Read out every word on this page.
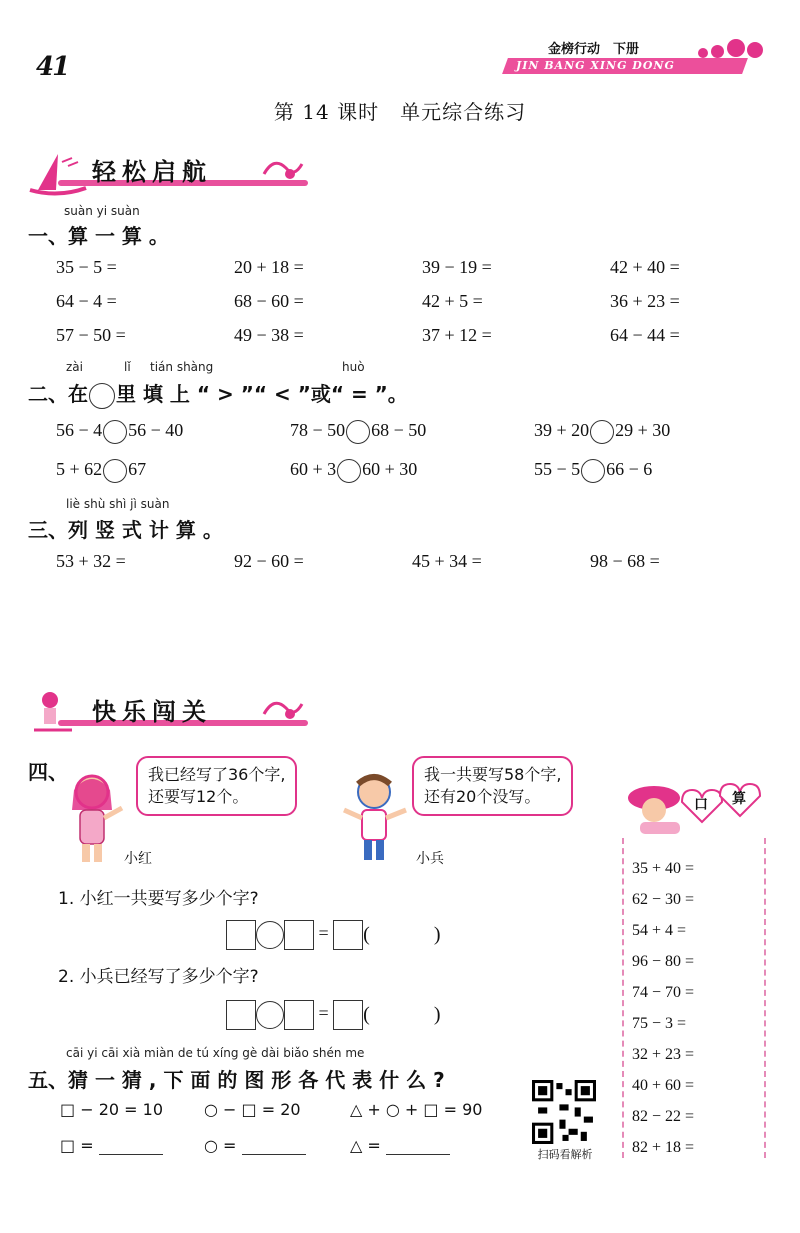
41
金榜行动　下册
JIN BANG XING DONG
第 14 课时　单元综合练习
轻松启航
suàn yi suàn
一、算 一 算 。
35 − 5 =	20 + 18 =	39 − 19 =	42 + 40 =
64 − 4 =	68 − 60 =	42 + 5 =	36 + 23 =
57 − 50 =	49 − 38 =	37 + 12 =	64 − 44 =
zài	lǐ tián shàng	huò
二、在 里 填 上 “ > ”“ < ”或“ = ”。
56 − 4 56 − 40	78 − 50 68 − 50	39 + 20 29 + 30
5 + 62 67	60 + 3 60 + 30	55 − 5 66 − 6
liè shù shì jì suàn
三、列 竖 式 计 算 。
53 + 32 =	92 − 60 =	45 + 34 =	98 − 68 =
快乐闯关
四、	我已经写了36个字,
还要写12个。
小红
我一共要写58个字,
还有20个没写。
小兵
1. 小红一共要写多少个字?
= (	)
2. 小兵已经写了多少个字?
= (	)
cāi yi cāi xià miàn de tú xíng gè dài biǎo shén me
五、猜 一 猜 , 下 面 的 图 形 各 代 表 什 么 ?
□ − 20 = 10	○ − □ = 20	△ + ○ + □ = 90
□ =	○ =	△ =	扫码看解析
口 算
35 + 40 =
62 − 30 =
54 + 4 =
96 − 80 =
74 − 70 =
75 − 3 =
32 + 23 =
40 + 60 =
82 − 22 =
82 + 18 =
